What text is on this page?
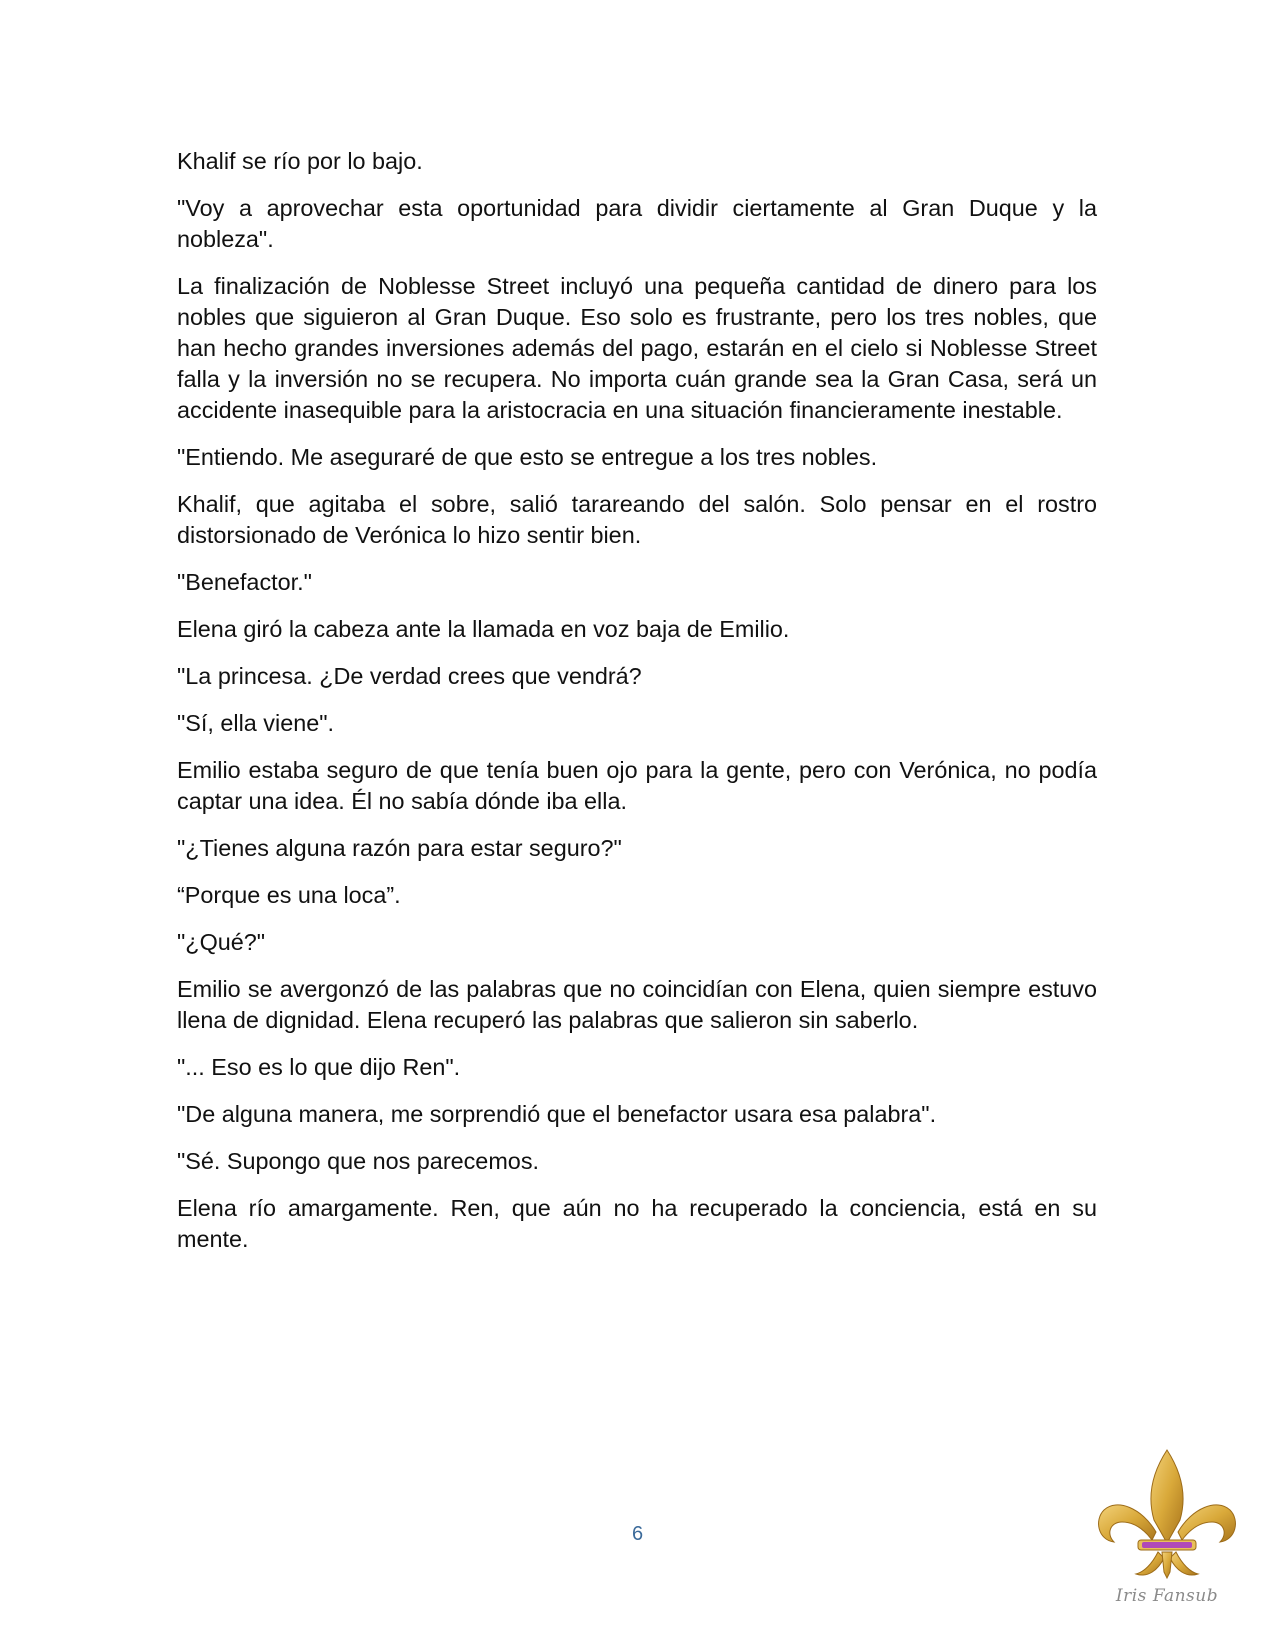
Khalif se río por lo bajo.

"Voy a aprovechar esta oportunidad para dividir ciertamente al Gran Duque y la nobleza".

La finalización de Noblesse Street incluyó una pequeña cantidad de dinero para los nobles que siguieron al Gran Duque. Eso solo es frustrante, pero los tres nobles, que han hecho grandes inversiones además del pago, estarán en el cielo si Noblesse Street falla y la inversión no se recupera. No importa cuán grande sea la Gran Casa, será un accidente inasequible para la aristocracia en una situación financieramente inestable.

"Entiendo. Me aseguraré de que esto se entregue a los tres nobles.

Khalif, que agitaba el sobre, salió tarareando del salón. Solo pensar en el rostro distorsionado de Verónica lo hizo sentir bien.

"Benefactor."

Elena giró la cabeza ante la llamada en voz baja de Emilio.

"La princesa. ¿De verdad crees que vendrá?

"Sí, ella viene".

Emilio estaba seguro de que tenía buen ojo para la gente, pero con Verónica, no podía captar una idea. Él no sabía dónde iba ella.

"¿Tienes alguna razón para estar seguro?"

“Porque es una loca”.

"¿Qué?"

Emilio se avergonzó de las palabras que no coincidían con Elena, quien siempre estuvo llena de dignidad. Elena recuperó las palabras que salieron sin saberlo.

"... Eso es lo que dijo Ren".

"De alguna manera, me sorprendió que el benefactor usara esa palabra".

"Sé. Supongo que nos parecemos.

Elena río amargamente. Ren, que aún no ha recuperado la conciencia, está en su mente.

6
Iris Fansub
